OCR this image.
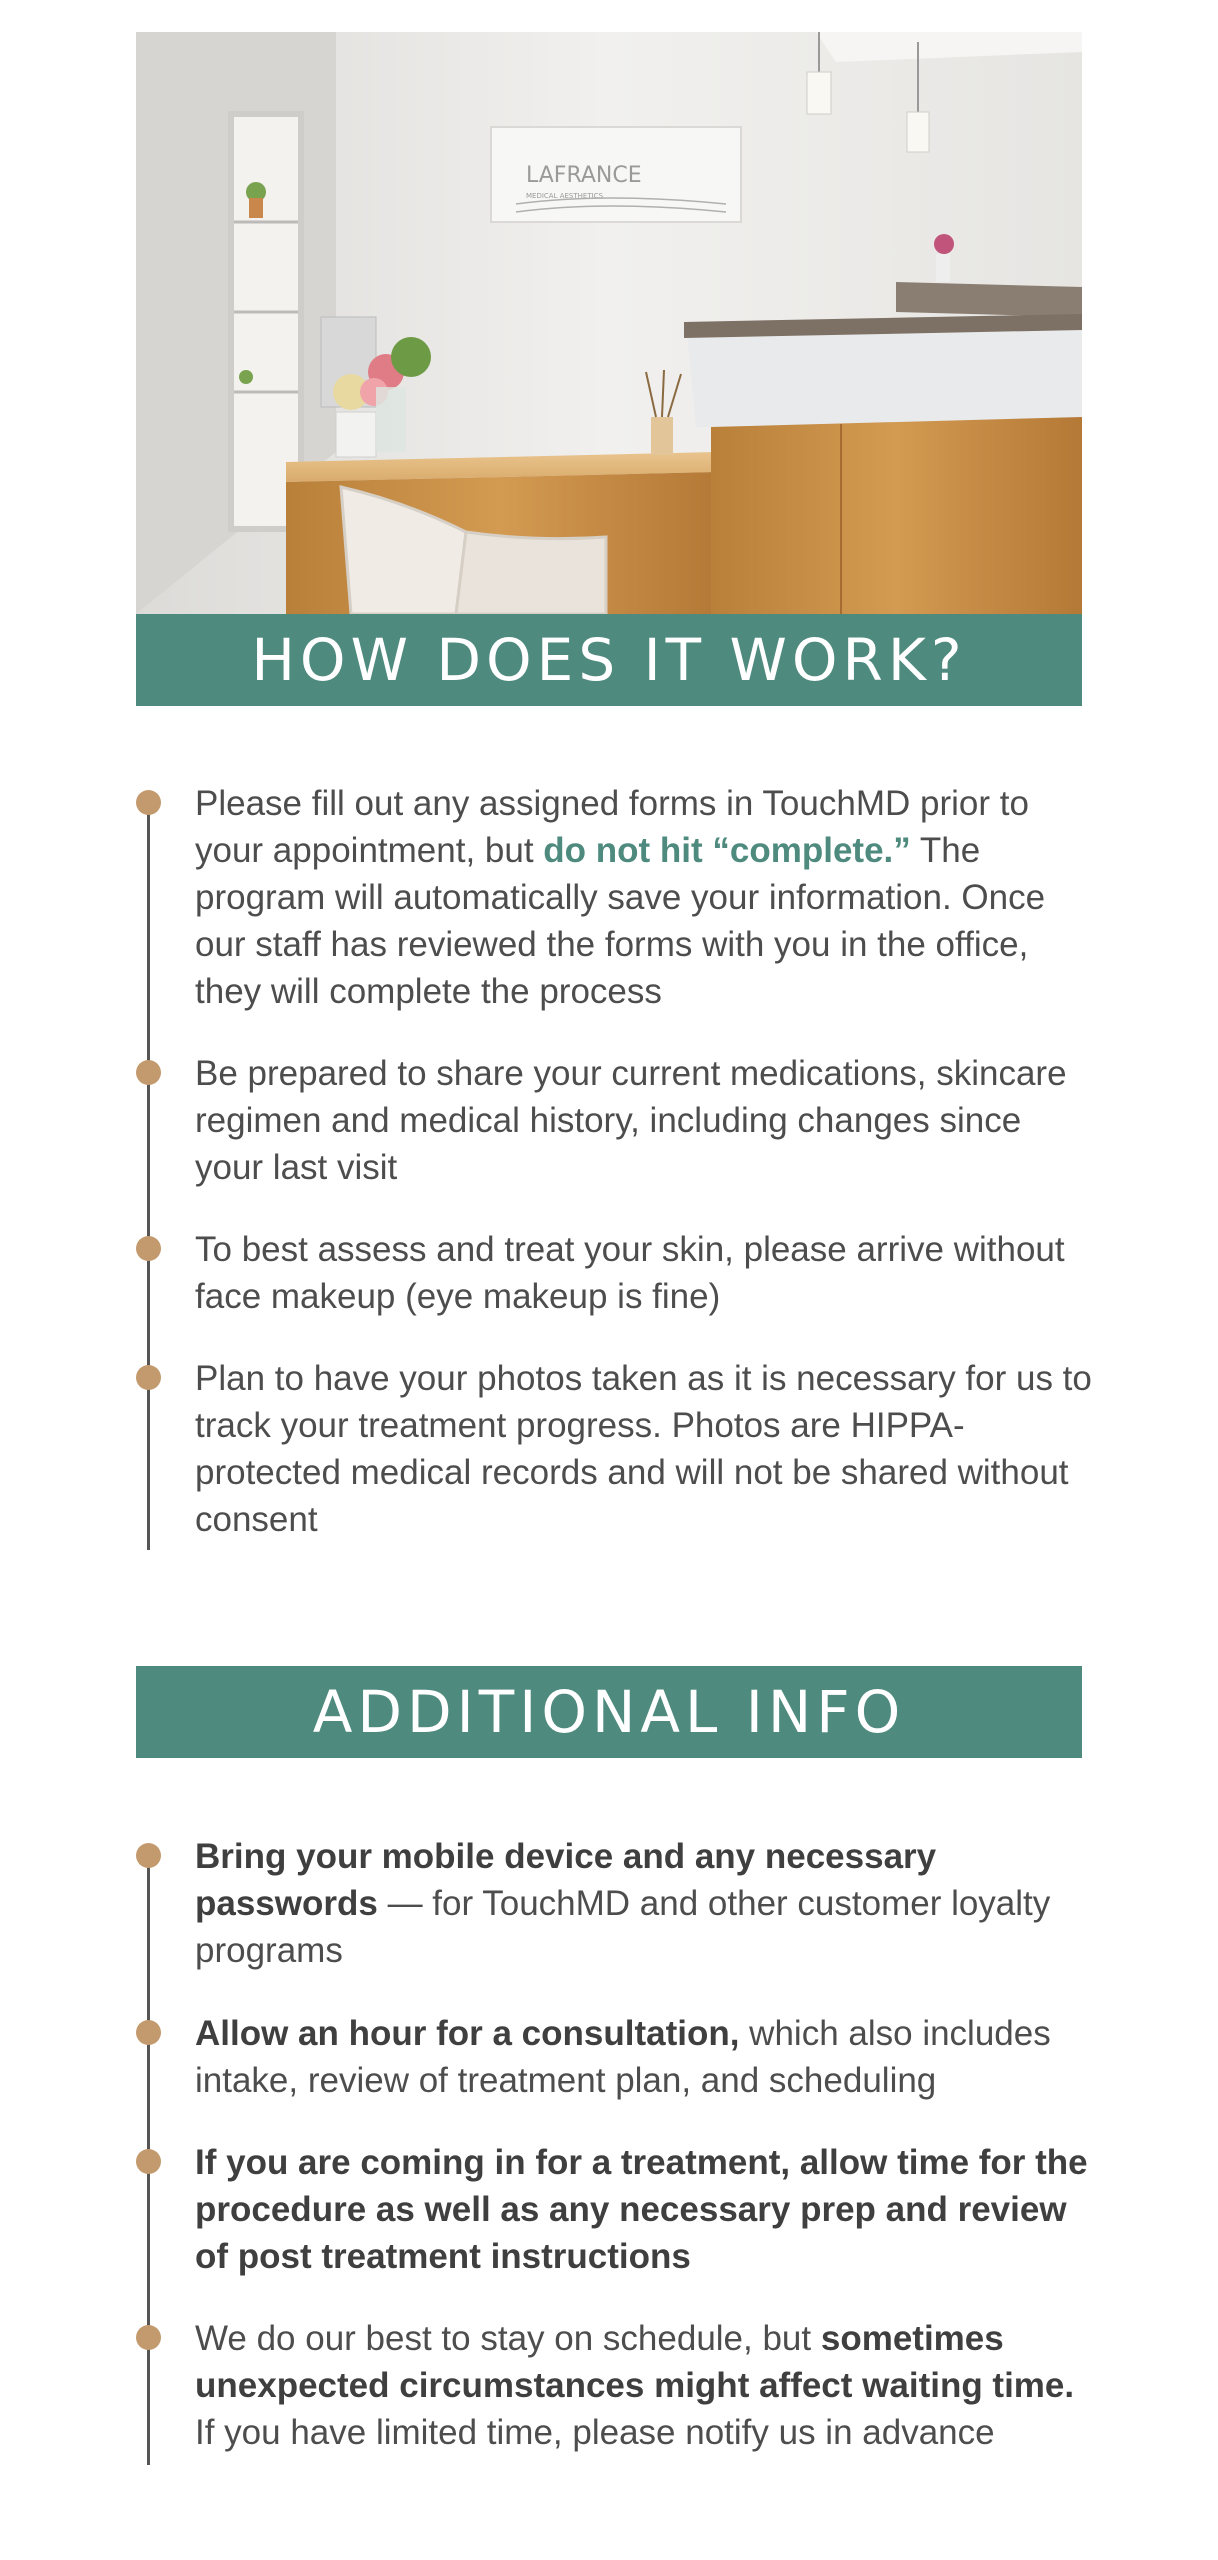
LAFRANCE
MEDICAL AESTHETICS
HOW DOES IT WORK?
Please fill out any assigned forms in TouchMD prior to your appointment, but do not hit “complete.” The program will automatically save your information. Once our staff has reviewed the forms with you in the office, they will complete the process
Be prepared to share your current medications, skincare regimen and medical history, including changes since your last visit
To best assess and treat your skin, please arrive without face makeup (eye makeup is fine)
Plan to have your photos taken as it is necessary for us to track your treatment progress. Photos are HIPPA-protected medical records and will not be shared without consent
ADDITIONAL INFO
Bring your mobile device and any necessary passwords — for TouchMD and other customer loyalty programs
Allow an hour for a consultation, which also includes intake, review of treatment plan, and scheduling
If you are coming in for a treatment, allow time for the procedure as well as any necessary prep and review of post treatment instructions
We do our best to stay on schedule, but sometimes unexpected circumstances might affect waiting time. If you have limited time, please notify us in advance
